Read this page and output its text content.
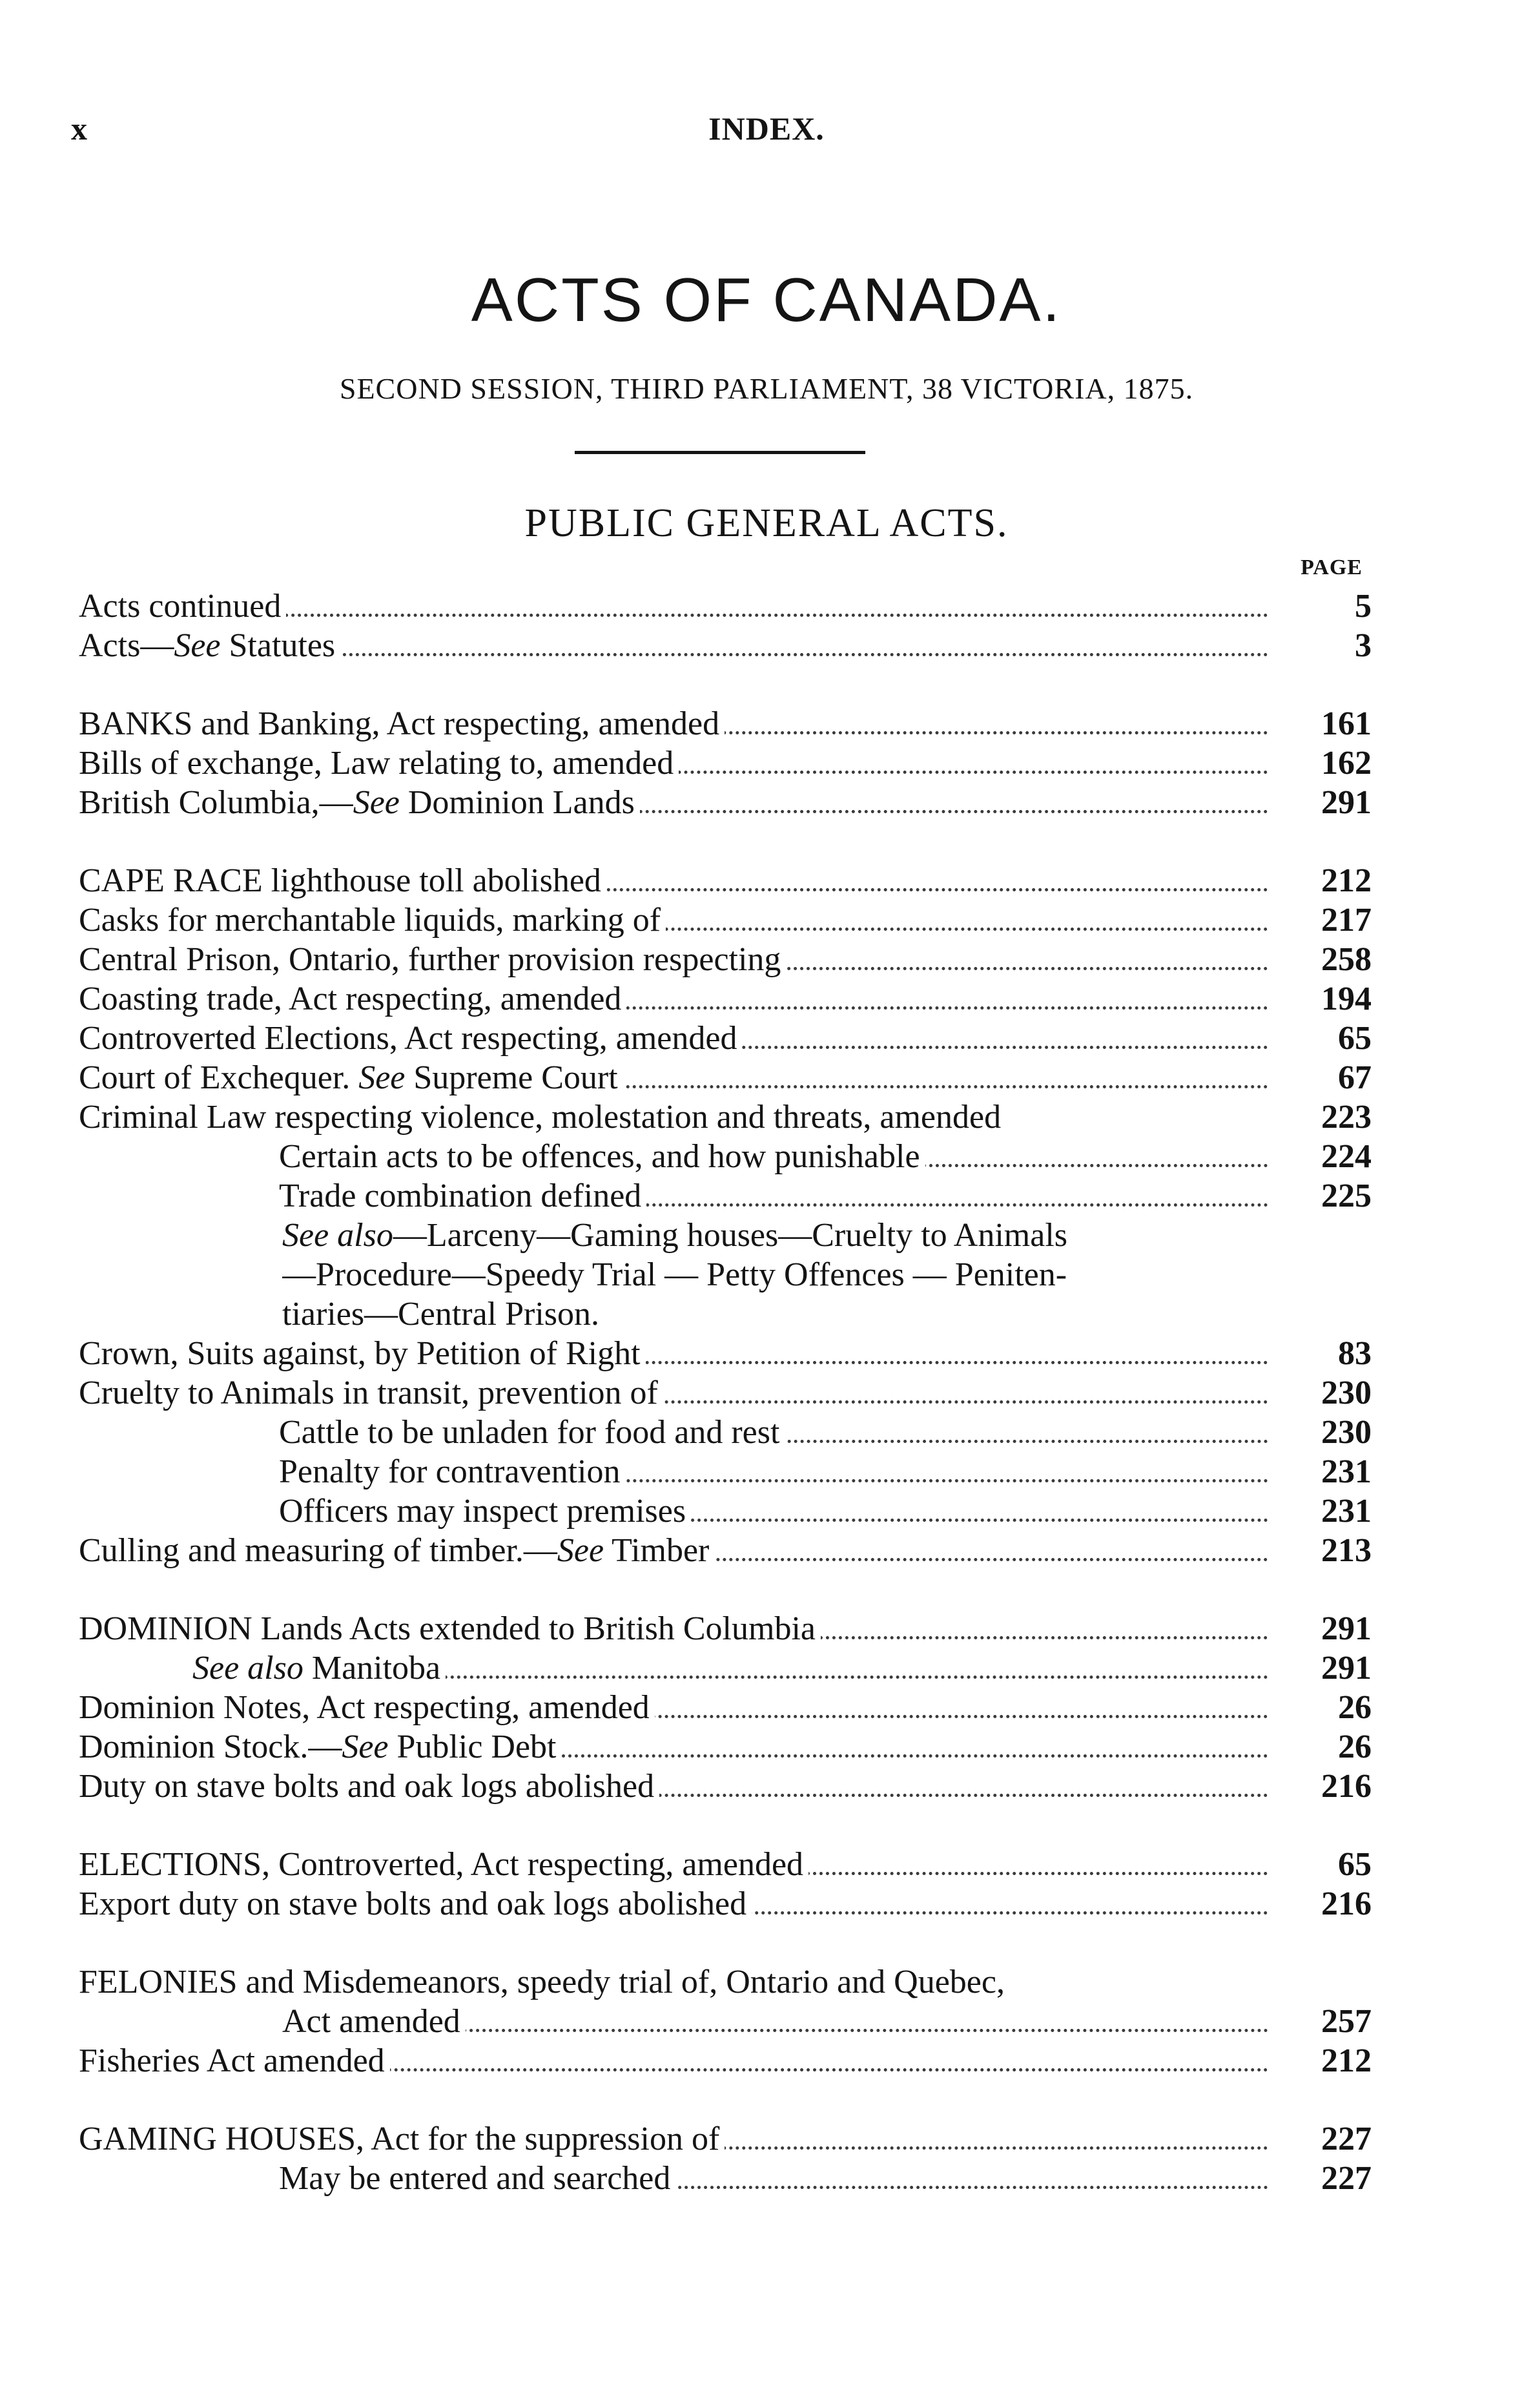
x	INDEX.
ACTS OF CANADA.
SECOND SESSION, THIRD PARLIAMENT, 38 VICTORIA, 1875.
PUBLIC GENERAL ACTS.
PAGE
Acts continued	5
Acts—See Statutes	3
BANKS and Banking, Act respecting, amended	161
Bills of exchange, Law relating to, amended	162
British Columbia,—See Dominion Lands	291
CAPE RACE lighthouse toll abolished	212
Casks for merchantable liquids, marking of	217
Central Prison, Ontario, further provision respecting	258
Coasting trade, Act respecting, amended	194
Controverted Elections, Act respecting, amended	65
Court of Exchequer. See Supreme Court	67
Criminal Law respecting violence, molestation and threats, amended	223
Certain acts to be offences, and how punishable	224
Trade combination defined	225
See also—Larceny—Gaming houses—Cruelty to Animals
—Procedure—Speedy Trial — Petty Offences — Peniten-
tiaries—Central Prison.
Crown, Suits against, by Petition of Right	83
Cruelty to Animals in transit, prevention of	230
Cattle to be unladen for food and rest	230
Penalty for contravention	231
Officers may inspect premises	231
Culling and measuring of timber.—See Timber	213
DOMINION Lands Acts extended to British Columbia	291
See also Manitoba	291
Dominion Notes, Act respecting, amended	26
Dominion Stock.—See Public Debt	26
Duty on stave bolts and oak logs abolished	216
ELECTIONS, Controverted, Act respecting, amended	65
Export duty on stave bolts and oak logs abolished	216
FELONIES and Misdemeanors, speedy trial of, Ontario and Quebec,
Act amended	257
Fisheries Act amended	212
GAMING HOUSES, Act for the suppression of	227
May be entered and searched	227
